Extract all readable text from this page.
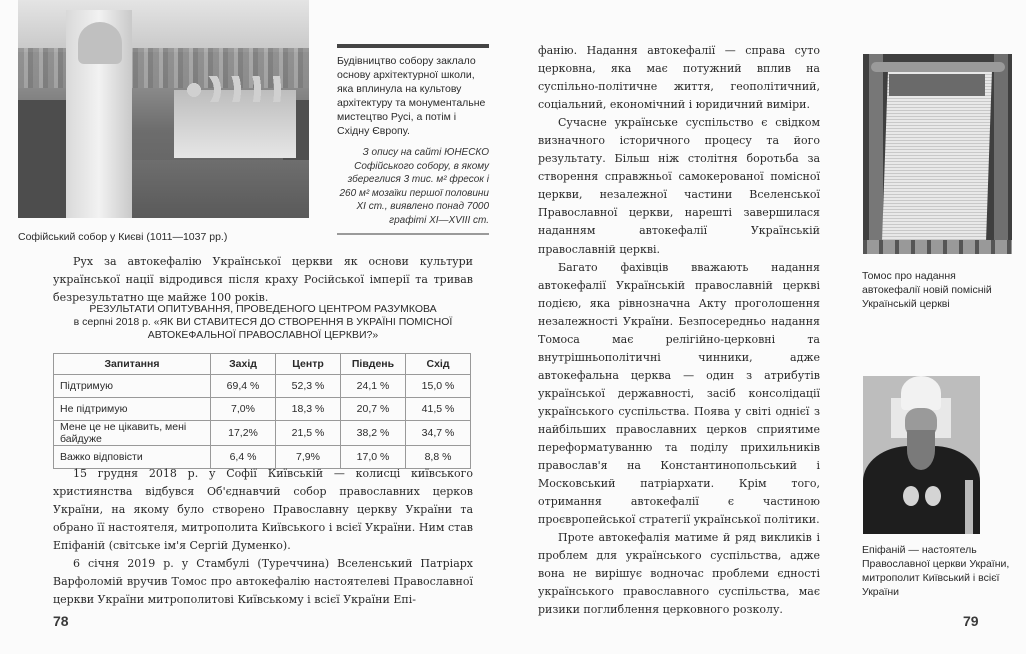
Софійський собор у Києві (1011—1037 рр.)
Будівництво собору заклало основу архітектурної школи, яка вплинула на культову архітектуру та монументальне мистецтво Русі, а потім і Східну Європу.
З опису на сайті ЮНЕСКО Софійського собору, в якому збереглися 3 тис. м² фресок і 260 м² мозаїки першої половини ХІ ст., виявлено понад 7000 графіті ХІ—ХVІІІ ст.

Рух за автокефалію Української церкви як основи культури української нації відродився після краху Російської імперії та тривав безрезультатно ще майже 100 років.

РЕЗУЛЬТАТИ ОПИТУВАННЯ, ПРОВЕДЕНОГО ЦЕНТРОМ РАЗУМКОВА
в серпні 2018 р. «ЯК ВИ СТАВИТЕСЯ ДО СТВОРЕННЯ В УКРАЇНІ ПОМІСНОЇ АВТОКЕФАЛЬНОЇ ПРАВОСЛАВНОЇ ЦЕРКВИ?»
Запитання	Захід	Центр	Південь	Схід
Підтримую	69,4 %	52,3 %	24,1 %	15,0 %
Не підтримую	7,0%	18,3 %	20,7 %	41,5 %
Мене це не цікавить, мені байдуже	17,2%	21,5 %	38,2 %	34,7 %
Важко відповісти	6,4 %	7,9%	17,0 %	8,8 %

15 грудня 2018 р. у Софії Київській — колисці київського християнства відбувся Об'єднавчий собор православних церков України, на якому було створено Православну церкву України та обрано її настоятеля, митрополита Київського і всієї України. Ним став Епіфаній (світське ім'я Сергій Думенко).

6 січня 2019 р. у Стамбулі (Туреччина) Вселенський Патріарх Варфоломій вручив Томос про автокефалію настоятелеві Православної церкви України митрополитові Київському і всієї України Епі-

78

фанію. Надання автокефалії — справа суто церковна, яка має потужний вплив на суспільно-політичне життя, геополітичний, соціальний, економічний і юридичний виміри.

Сучасне українське суспільство є свідком визначного історичного процесу та його результату. Більш ніж столітня боротьба за створення справжньої самокерованої помісної церкви, незалежної частини Вселенської Православної церкви, нарешті завершилася наданням автокефалії Українській православній церкві.

Багато фахівців вважають надання автокефалії Українській православній церкві подією, яка рівнозначна Акту проголошення незалежності України. Безпосередньо надання Томоса має релігійно-церковні та внутрішньополітичні чинники, адже автокефальна церква — один з атрибутів української державності, засіб консолідації українського суспільства. Поява у світі однієї з найбільших православних церков сприятиме переформатуванню та поділу прихильників православ'я на Константинопольський і Московський патріархати. Крім того, отримання автокефалії є частиною проєвропейської стратегії української політики.

Проте автокефалія матиме й ряд викликів і проблем для українського суспільства, адже вона не вирішує водночас проблеми єдності українського православного суспільства, має ризики поглиблення церковного розколу.

Томос про надання автокефалії новій помісній Українській церкві
Епіфаній — настоятель Православної церкви України, митрополит Київський і всієї України
79
